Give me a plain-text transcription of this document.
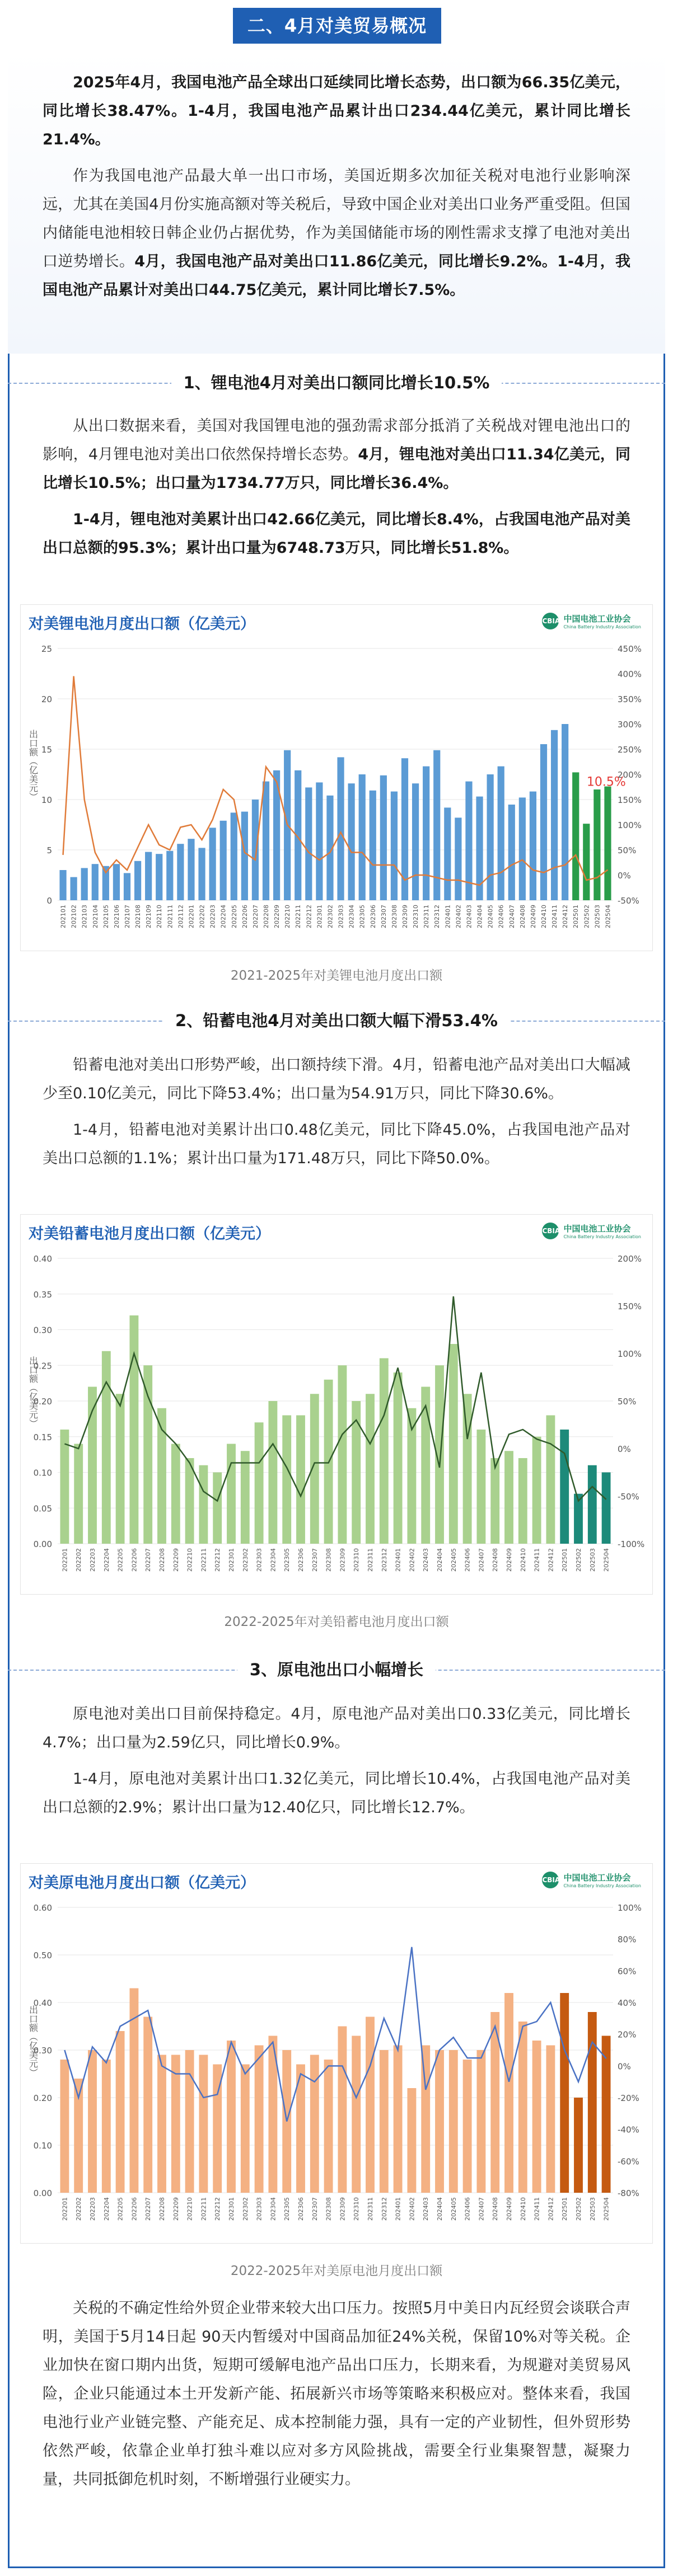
二、4月对美贸易概况

2025年4月，我国电池产品全球出口延续同比增长态势，出口额为66.35亿美元，同比增长38.47%。1-4月，我国电池产品累计出口234.44亿美元，累计同比增长21.4%。

作为我国电池产品最大单一出口市场，美国近期多次加征关税对电池行业影响深远，尤其在美国4月份实施高额对等关税后，导致中国企业对美出口业务严重受阻。但国内储能电池相较日韩企业仍占据优势，作为美国储能市场的刚性需求支撑了电池对美出口逆势增长。4月，我国电池产品对美出口11.86亿美元，同比增长9.2%。1-4月，我国电池产品累计对美出口44.75亿美元，累计同比增长7.5%。

1、锂电池4月对美出口额同比增长10.5%

从出口数据来看，美国对我国锂电池的强劲需求部分抵消了关税战对锂电池出口的影响，4月锂电池对美出口依然保持增长态势。4月，锂电池对美出口11.34亿美元，同比增长10.5%；出口量为1734.77万只，同比增长36.4%。

1-4月，锂电池对美累计出口42.66亿美元，同比增长8.4%，占我国电池产品对美出口总额的95.3%；累计出口量为6748.73万只，同比增长51.8%。

对美锂电池月度出口额（亿美元）	CBIA 中国电池工业协会
China Battery Industry Association
0
5
10
15
20
25
-50%
0%
50%
100%
150%
200%
250%
300%
350%
400%
450%
出口额（亿美元）
202101 202102 202103 202104 202105 202106 202107 202108 202109 202110 202111 202112 202201 202202 202203 202204 202205 202206 202207 202208 202209 202210 202211 202212 202301 202302 202303 202304 202305 202306 202307 202308 202309 202310 202311 202312 202401 202402 202403 202404 202405 202406 202407 202408 202409 202410 202411 202412 202501 202502 202503 202504
10.5%
2021-2025年对美锂电池月度出口额
2、铅蓄电池4月对美出口额大幅下滑53.4%

铅蓄电池对美出口形势严峻，出口额持续下滑。4月，铅蓄电池产品对美出口大幅减少至0.10亿美元，同比下降53.4%；出口量为54.91万只，同比下降30.6%。

1-4月，铅蓄电池对美累计出口0.48亿美元，同比下降45.0%，占我国电池产品对美出口总额的1.1%；累计出口量为171.48万只，同比下降50.0%。

对美铅蓄电池月度出口额（亿美元）	CBIA 中国电池工业协会
China Battery Industry Association
0.00
0.05
0.10
0.15
0.20
0.25
0.30
0.35
0.40
-100%
-50%
0%
50%
100%
150%
200%
出口额（亿美元）
202201 202202 202203 202204 202205 202206 202207 202208 202209 202210 202211 202212 202301 202302 202303 202304 202305 202306 202307 202308 202309 202310 202311 202312 202401 202402 202403 202404 202405 202406 202407 202408 202409 202410 202411 202412 202501 202502 202503 202504
2022-2025年对美铅蓄电池月度出口额
3、原电池出口小幅增长

原电池对美出口目前保持稳定。4月，原电池产品对美出口0.33亿美元，同比增长4.7%；出口量为2.59亿只，同比增长0.9%。

1-4月，原电池对美累计出口1.32亿美元，同比增长10.4%，占我国电池产品对美出口总额的2.9%；累计出口量为12.40亿只，同比增长12.7%。

对美原电池月度出口额（亿美元）	CBIA 中国电池工业协会
China Battery Industry Association
0.00
0.10
0.20
0.30
0.40
0.50
0.60
-80%
-60%
-40%
-20%
0%
20%
40%
60%
80%
100%
出口额（亿美元）
202201 202202 202203 202204 202205 202206 202207 202208 202209 202210 202211 202212 202301 202302 202303 202304 202305 202306 202307 202308 202309 202310 202311 202312 202401 202402 202403 202404 202405 202406 202407 202408 202409 202410 202411 202412 202501 202502 202503 202504
2022-2025年对美原电池月度出口额

关税的不确定性给外贸企业带来较大出口压力。按照5月中美日内瓦经贸会谈联合声明，美国于5月14日起 90天内暂缓对中国商品加征24%关税，保留10%对等关税。企业加快在窗口期内出货，短期可缓解电池产品出口压力，长期来看，为规避对美贸易风险，企业只能通过本土开发新产能、拓展新兴市场等策略来积极应对。整体来看，我国电池行业产业链完整、产能充足、成本控制能力强，具有一定的产业韧性，但外贸形势依然严峻，依靠企业单打独斗难以应对多方风险挑战，需要全行业集聚智慧，凝聚力量，共同抵御危机时刻，不断增强行业硬实力。
